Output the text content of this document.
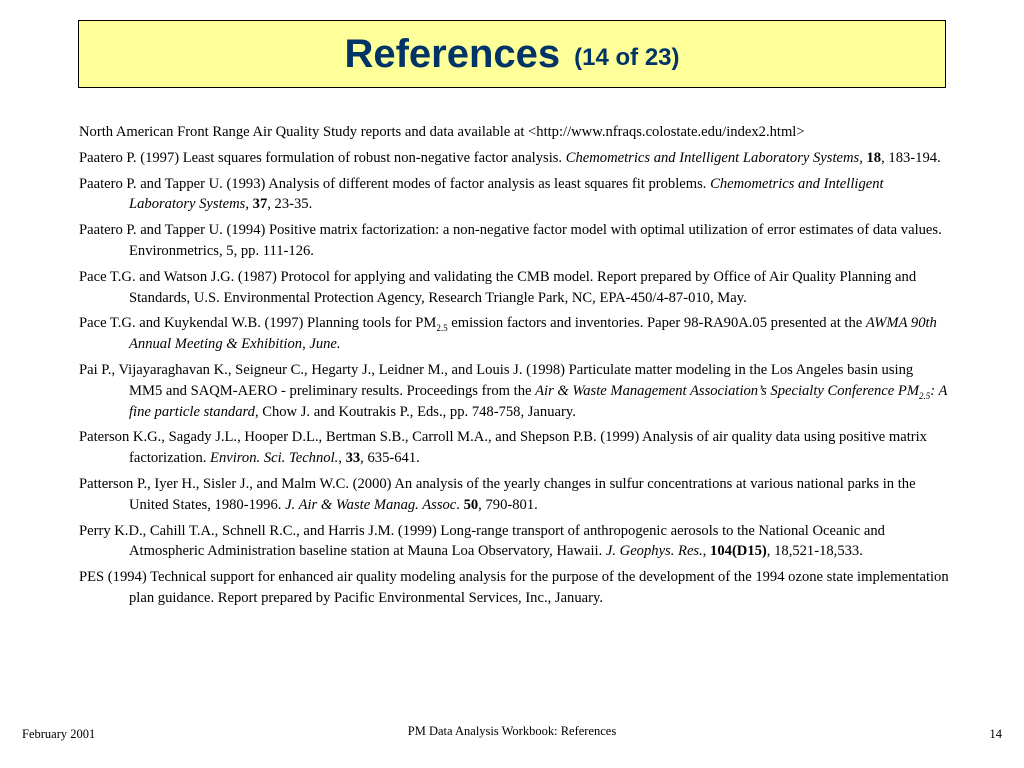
References (14 of 23)

North American Front Range Air Quality Study reports and data available at <http://www.nfraqs.colostate.edu/index2.html>

Paatero P. (1997) Least squares formulation of robust non-negative factor analysis. Chemometrics and Intelligent Laboratory Systems, 18, 183-194.

Paatero P. and Tapper U. (1993) Analysis of different modes of factor analysis as least squares fit problems. Chemometrics and Intelligent Laboratory Systems, 37, 23-35.

Paatero P. and Tapper U. (1994) Positive matrix factorization: a non-negative factor model with optimal utilization of error estimates of data values. Environmetrics, 5, pp. 111-126.

Pace T.G. and Watson J.G. (1987) Protocol for applying and validating the CMB model. Report prepared by Office of Air Quality Planning and Standards, U.S. Environmental Protection Agency, Research Triangle Park, NC, EPA-450/4-87-010, May.

Pace T.G. and Kuykendal W.B. (1997) Planning tools for $PM_{2.5}$ emission factors and inventories. Paper 98-RA90A.05 presented at the AWMA 90th Annual Meeting & Exhibition, June.

Pai P., Vijayaraghavan K., Seigneur C., Hegarty J., Leidner M., and Louis J. (1998) Particulate matter modeling in the Los Angeles basin using MM5 and SAQM-AERO - preliminary results. Proceedings from the Air & Waste Management Association’s Specialty Conference $PM_{2.5}$: A fine particle standard, Chow J. and Koutrakis P., Eds., pp. 748-758, January.

Paterson K.G., Sagady J.L., Hooper D.L., Bertman S.B., Carroll M.A., and Shepson P.B. (1999) Analysis of air quality data using positive matrix factorization. Environ. Sci. Technol., 33, 635-641.

Patterson P., Iyer H., Sisler J., and Malm W.C. (2000) An analysis of the yearly changes in sulfur concentrations at various national parks in the United States, 1980-1996. J. Air & Waste Manag. Assoc. 50, 790-801.

Perry K.D., Cahill T.A., Schnell R.C., and Harris J.M. (1999) Long-range transport of anthropogenic aerosols to the National Oceanic and Atmospheric Administration baseline station at Mauna Loa Observatory, Hawaii. J. Geophys. Res., 104(D15), 18,521-18,533.

PES (1994) Technical support for enhanced air quality modeling analysis for the purpose of the development of the 1994 ozone state implementation plan guidance. Report prepared by Pacific Environmental Services, Inc., January.

February 2001	PM Data Analysis Workbook: References	14
